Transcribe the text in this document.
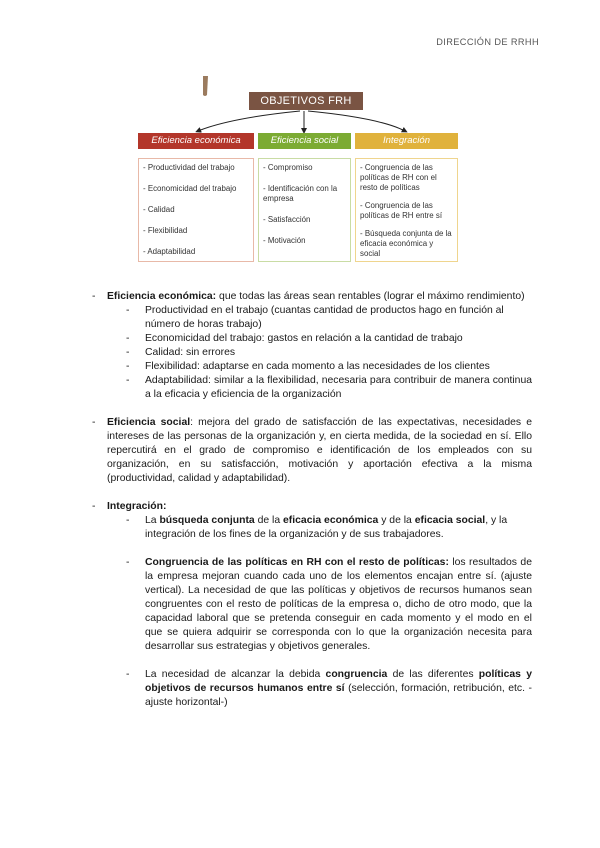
DIRECCIÓN DE RRHH
OBJETIVOS FRH
Eficiencia económica	Eficiencia social	Integración
- Productividad del trabajo
- Economicidad del trabajo
- Calidad
- Flexibilidad
- Adaptabilidad
- Compromiso
- Identificación con la empresa
- Satisfacción
- Motivación
- Congruencia de las políticas de RH con el resto de políticas
- Congruencia de las políticas de RH entre sí
- Búsqueda conjunta de la eficacia económica y social
- Eficiencia económica: que todas las áreas sean rentables (lograr el máximo rendimiento)
-	Productividad en el trabajo (cuantas cantidad de productos hago en función al número de horas trabajo)
-	Economicidad del trabajo: gastos en relación a la cantidad de trabajo
-	Calidad: sin errores
-	Flexibilidad: adaptarse en cada momento a las necesidades de los clientes
-	Adaptabilidad: similar a la flexibilidad, necesaria para contribuir de manera continua a la eficacia y eficiencia de la organización
- Eficiencia social: mejora del grado de satisfacción de las expectativas, necesidades e intereses de las personas de la organización y, en cierta medida, de la sociedad en sí. Ello repercutirá en el grado de compromiso e identificación de los empleados con su organización, en su satisfacción, motivación y aportación efectiva a la misma (productividad, calidad y adaptabilidad).
- Integración:
-	La búsqueda conjunta de la eficacia económica y de la eficacia social, y la integración de los fines de la organización y de sus trabajadores.
-	Congruencia de las políticas en RH con el resto de políticas: los resultados de la empresa mejoran cuando cada uno de los elementos encajan entre sí. (ajuste vertical). La necesidad de que las políticas y objetivos de recursos humanos sean congruentes con el resto de políticas de la empresa o, dicho de otro modo, que la capacidad laboral que se pretenda conseguir en cada momento y el modo en el que se quiera adquirir se corresponda con lo que la organización necesita para desarrollar sus estrategias y objetivos generales.
-	La necesidad de alcanzar la debida congruencia de las diferentes políticas y objetivos de recursos humanos entre sí (selección, formación, retribución, etc. -ajuste horizontal-)
